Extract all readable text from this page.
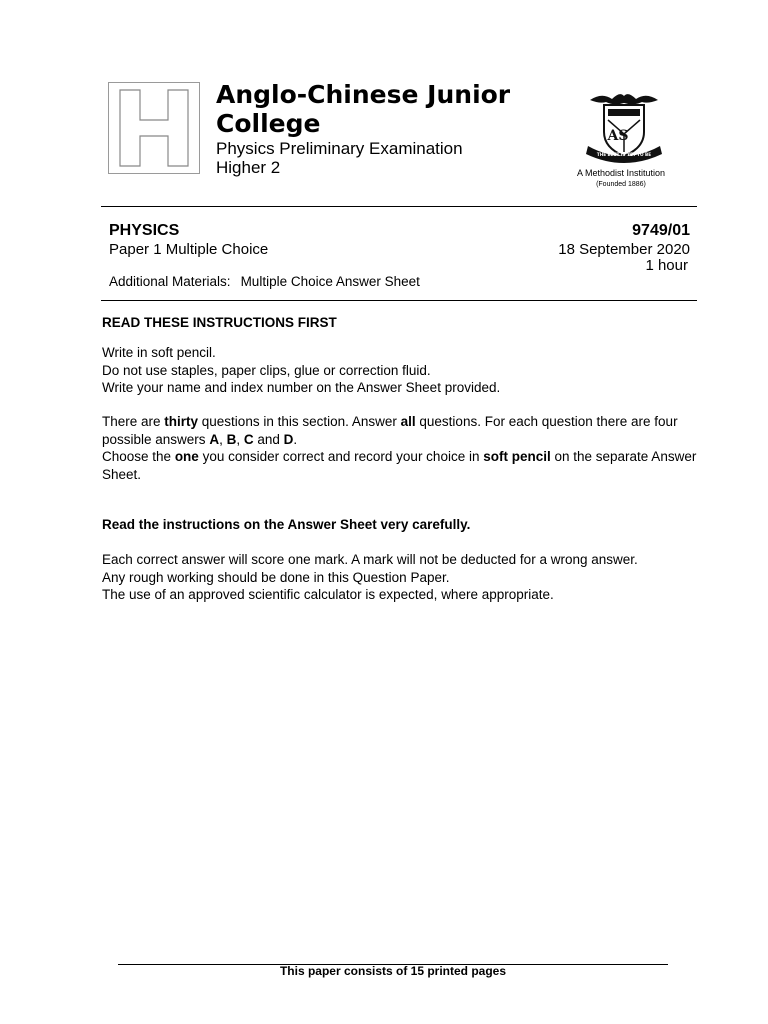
Anglo-Chinese Junior College
Physics Preliminary Examination
Higher 2
AS
THE BEST IS YET TO BE
A Methodist Institution
(Founded 1886)
PHYSICS
Paper 1 Multiple Choice
9749/01
18 September 2020
1 hour
Additional Materials: Multiple Choice Answer Sheet
READ THESE INSTRUCTIONS FIRST

Write in soft pencil.

Do not use staples, paper clips, glue or correction fluid.

Write your name and index number on the Answer Sheet provided.

There are thirty questions in this section. Answer all questions. For each question there are four possible answers A, B, C and D.

Choose the one you consider correct and record your choice in soft pencil on the separate Answer Sheet.

Read the instructions on the Answer Sheet very carefully.

Each correct answer will score one mark. A mark will not be deducted for a wrong answer.

Any rough working should be done in this Question Paper.

The use of an approved scientific calculator is expected, where appropriate.

This paper consists of 15 printed pages
